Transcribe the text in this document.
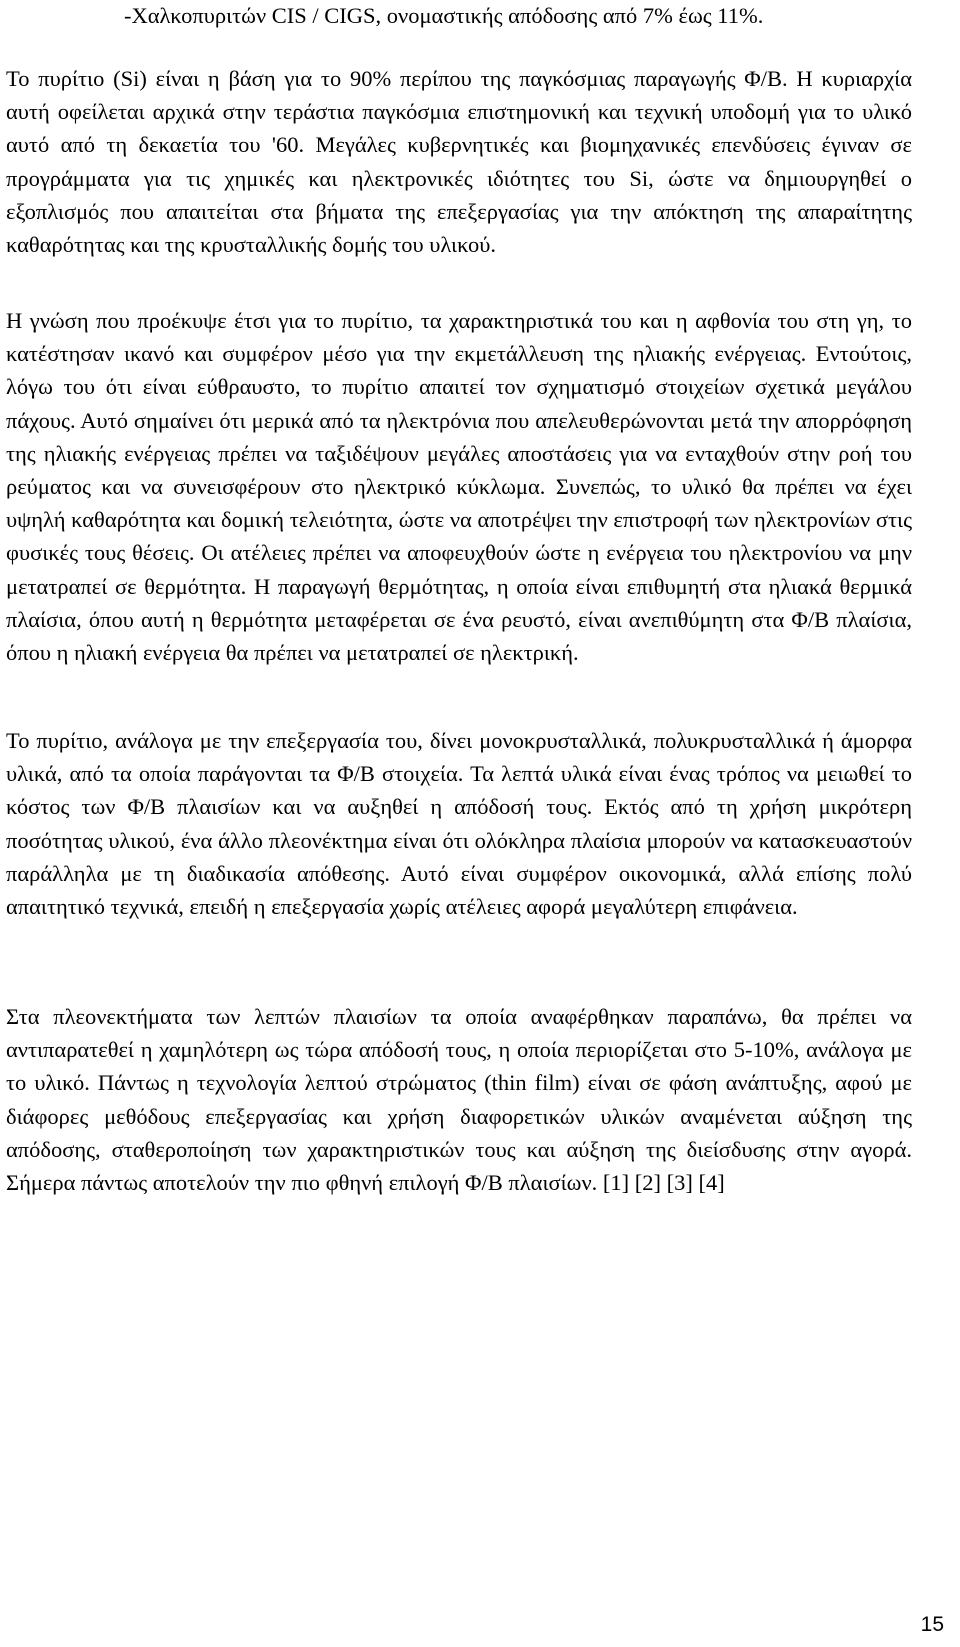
-Χαλκοπυριτών CIS / CIGS, ονομαστικής απόδοσης από 7% έως 11%.

Το πυρίτιο (Si) είναι η βάση για το 90% περίπου της παγκόσμιας παραγωγής Φ/Β. Η κυριαρχία αυτή οφείλεται αρχικά στην τεράστια παγκόσμια επιστημονική και τεχνική υποδομή για το υλικό αυτό από τη δεκαετία του '60. Μεγάλες κυβερνητικές και βιομηχανικές επενδύσεις έγιναν σε προγράμματα για τις χημικές και ηλεκτρονικές ιδιότητες του Si, ώστε να δημιουργηθεί ο εξοπλισμός που απαιτείται στα βήματα της επεξεργασίας για την απόκτηση της απαραίτητης καθαρότητας και της κρυσταλλικής δομής του υλικού.

Η γνώση που προέκυψε έτσι για το πυρίτιο, τα χαρακτηριστικά του και η αφθονία του στη γη, το κατέστησαν ικανό και συμφέρον μέσο για την εκμετάλλευση της ηλιακής ενέργειας. Εντούτοις, λόγω του ότι είναι εύθραυστο, το πυρίτιο απαιτεί τον σχηματισμό στοιχείων σχετικά μεγάλου πάχους. Αυτό σημαίνει ότι μερικά από τα ηλεκτρόνια που απελευθερώνονται μετά την απορρόφηση της ηλιακής ενέργειας πρέπει να ταξιδέψουν μεγάλες αποστάσεις για να ενταχθούν στην ροή του ρεύματος και να συνεισφέρουν στο ηλεκτρικό κύκλωμα. Συνεπώς, το υλικό θα πρέπει να έχει υψηλή καθαρότητα και δομική τελειότητα, ώστε να αποτρέψει την επιστροφή των ηλεκτρονίων στις φυσικές τους θέσεις. Οι ατέλειες πρέπει να αποφευχθούν ώστε η ενέργεια του ηλεκτρονίου να μην μετατραπεί σε θερμότητα. Η παραγωγή θερμότητας, η οποία είναι επιθυμητή στα ηλιακά θερμικά πλαίσια, όπου αυτή η θερμότητα μεταφέρεται σε ένα ρευστό, είναι ανεπιθύμητη στα Φ/Β πλαίσια, όπου η ηλιακή ενέργεια θα πρέπει να μετατραπεί σε ηλεκτρική.

Το πυρίτιο, ανάλογα με την επεξεργασία του, δίνει μονοκρυσταλλικά, πολυκρυσταλλικά ή άμορφα υλικά, από τα οποία παράγονται τα Φ/Β στοιχεία. Τα λεπτά υλικά είναι ένας τρόπος να μειωθεί το κόστος των Φ/Β πλαισίων και να αυξηθεί η απόδοσή τους. Εκτός από τη χρήση μικρότερη ποσότητας υλικού, ένα άλλο πλεονέκτημα είναι ότι ολόκληρα πλαίσια μπορούν να κατασκευαστούν παράλληλα με τη διαδικασία απόθεσης. Αυτό είναι συμφέρον οικονομικά, αλλά επίσης πολύ απαιτητικό τεχνικά, επειδή η επεξεργασία χωρίς ατέλειες αφορά μεγαλύτερη επιφάνεια.

Στα πλεονεκτήματα των λεπτών πλαισίων τα οποία αναφέρθηκαν παραπάνω, θα πρέπει να αντιπαρατεθεί η χαμηλότερη ως τώρα απόδοσή τους, η οποία περιορίζεται στο 5-10%, ανάλογα με το υλικό. Πάντως η τεχνολογία λεπτού στρώματος (thin film) είναι σε φάση ανάπτυξης, αφού με διάφορες μεθόδους επεξεργασίας και χρήση διαφορετικών υλικών αναμένεται αύξηση της απόδοσης, σταθεροποίηση των χαρακτηριστικών τους και αύξηση της διείσδυσης στην αγορά. Σήμερα πάντως αποτελούν την πιο φθηνή επιλογή Φ/Β πλαισίων. [1] [2] [3] [4]

15
